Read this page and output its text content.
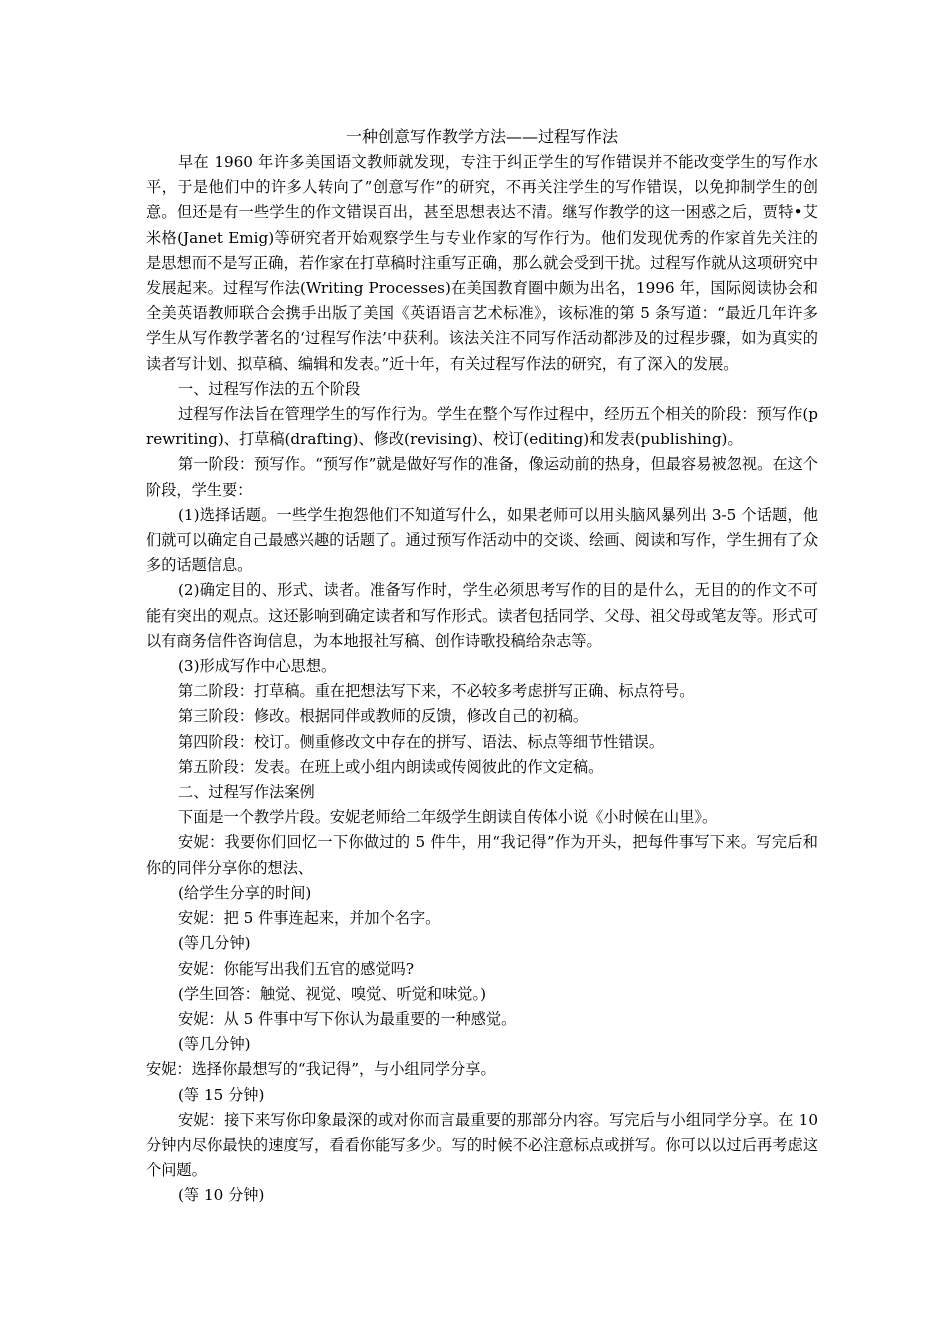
一种创意写作教学方法——过程写作法

早在 1960 年许多美国语文教师就发现，专注于纠正学生的写作错误并不能改变学生的写作水平，于是他们中的许多人转向了”创意写作”的研究，不再关注学生的写作错误，以免抑制学生的创意。但还是有一些学生的作文错误百出，甚至思想表达不清。继写作教学的这一困惑之后，贾特•艾米格(Janet Emig)等研究者开始观察学生与专业作家的写作行为。他们发现优秀的作家首先关注的是思想而不是写正确，若作家在打草稿时注重写正确，那么就会受到干扰。过程写作就从这项研究中发展起来。过程写作法(Writing Processes)在美国教育圈中颇为出名，1996 年，国际阅读协会和全美英语教师联合会携手出版了美国《英语语言艺术标准》，该标准的第 5 条写道：“最近几年许多学生从写作教学著名的‘过程写作法’中获利。该法关注不同写作活动都涉及的过程步骤，如为真实的读者写计划、拟草稿、编辑和发表。”近十年，有关过程写作法的研究，有了深入的发展。

一、过程写作法的五个阶段

过程写作法旨在管理学生的写作行为。学生在整个写作过程中，经历五个相关的阶段：预写作(prewriting)、打草稿(drafting)、修改(revising)、校订(editing)和发表(publishing)。

第一阶段：预写作。“预写作”就是做好写作的准备，像运动前的热身，但最容易被忽视。在这个阶段，学生要：

(1)选择话题。一些学生抱怨他们不知道写什么，如果老师可以用头脑风暴列出 3-5 个话题，他们就可以确定自己最感兴趣的话题了。通过预写作活动中的交谈、绘画、阅读和写作，学生拥有了众多的话题信息。

(2)确定目的、形式、读者。准备写作时，学生必须思考写作的目的是什么，无目的的作文不可能有突出的观点。这还影响到确定读者和写作形式。读者包括同学、父母、祖父母或笔友等。形式可以有商务信件咨询信息，为本地报社写稿、创作诗歌投稿给杂志等。

(3)形成写作中心思想。

第二阶段：打草稿。重在把想法写下来，不必较多考虑拼写正确、标点符号。

第三阶段：修改。根据同伴或教师的反馈，修改自己的初稿。

第四阶段：校订。侧重修改文中存在的拼写、语法、标点等细节性错误。

第五阶段：发表。在班上或小组内朗读或传阅彼此的作文定稿。

二、过程写作法案例

下面是一个教学片段。安妮老师给二年级学生朗读自传体小说《小时候在山里》。

安妮：我要你们回忆一下你做过的 5 件牛，用“我记得”作为开头，把每件事写下来。写完后和你的同伴分享你的想法、

(给学生分享的时间)

安妮：把 5 件事连起来，并加个名字。

(等几分钟)

安妮：你能写出我们五官的感觉吗?

(学生回答：触觉、视觉、嗅觉、听觉和味觉。)

安妮：从 5 件事中写下你认为最重要的一种感觉。

(等几分钟)

安妮：选择你最想写的“我记得”，与小组同学分享。

(等 15 分钟)

安妮：接下来写你印象最深的或对你而言最重要的那部分内容。写完后与小组同学分享。在 10 分钟内尽你最快的速度写，看看你能写多少。写的时候不必注意标点或拼写。你可以以过后再考虑这个问题。

(等 10 分钟)
